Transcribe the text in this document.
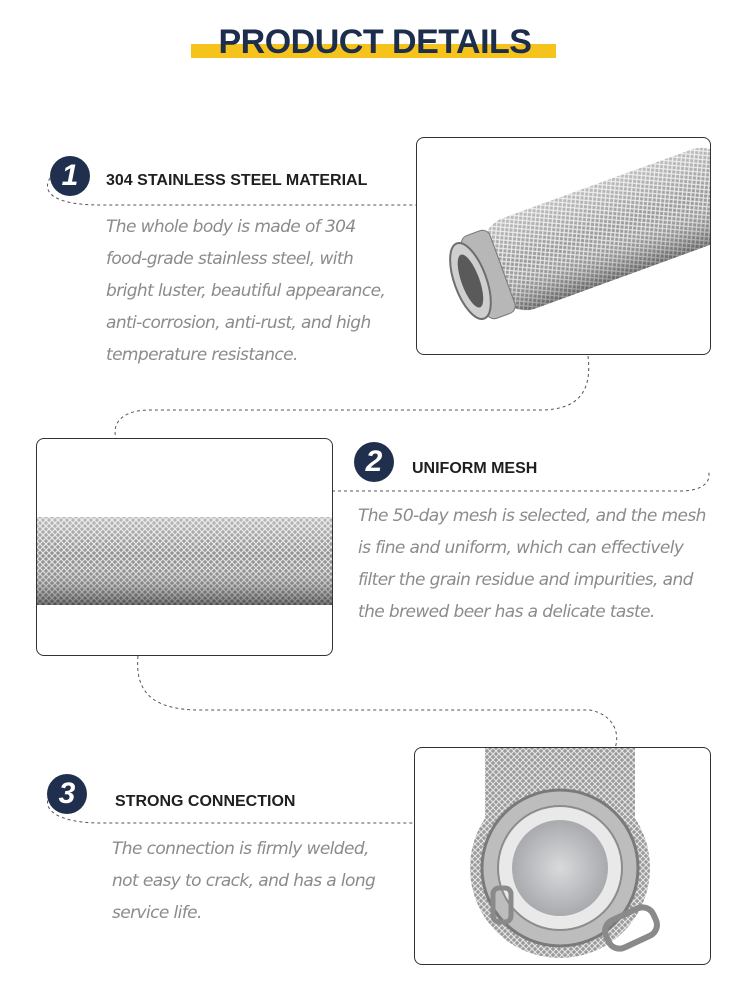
PRODUCT DETAILS
1	304 STAINLESS STEEL MATERIAL
The whole body is made of 304
food-grade stainless steel, with
bright luster, beautiful appearance,
anti-corrosion, anti-rust, and high
temperature resistance.
2	UNIFORM MESH
The 50-day mesh is selected, and the mesh
is fine and uniform, which can effectively
filter the grain residue and impurities, and
the brewed beer has a delicate taste.
3	STRONG CONNECTION
The connection is firmly welded,
not easy to crack, and has a long
service life.
